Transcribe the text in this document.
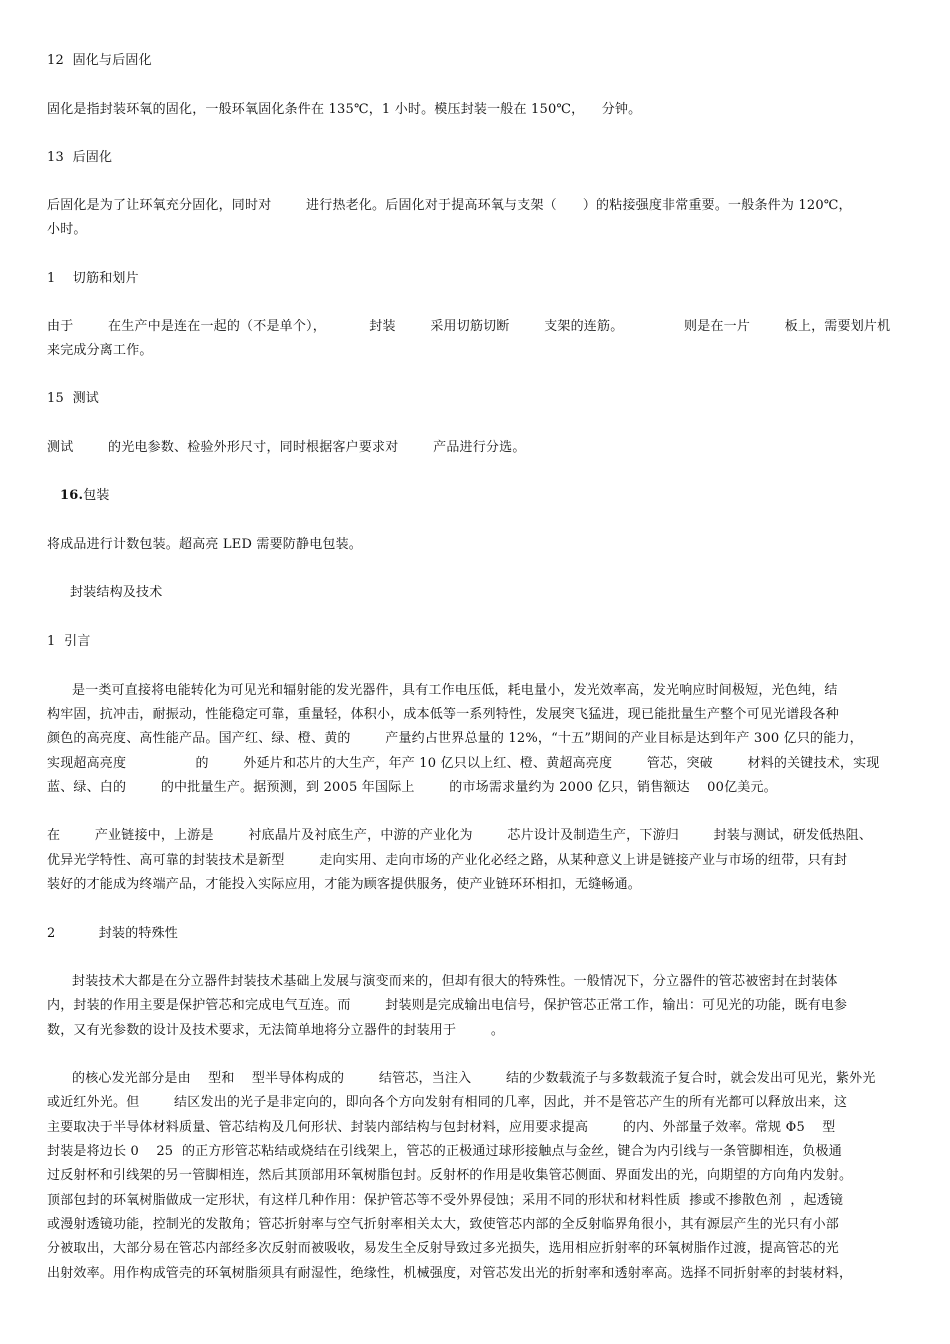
12  固化与后固化

固化是指封装环氧的固化，一般环氧固化条件在 135℃，1 小时。模压封装一般在 150℃，    分钟。

13  后固化

后固化是为了让环氧充分固化，同时对        进行热老化。后固化对于提高环氧与支架（      ）的粘接强度非常重要。一般条件为 120℃，

小时。

1    切筋和划片

由于        在生产中是连在一起的（不是单个），          封装        采用切筋切断        支架的连筋。              则是在一片        板上，需要划片机

来完成分离工作。

15  测试

测试        的光电参数、检验外形尺寸，同时根据客户要求对        产品进行分选。

16.包装

将成品进行计数包装。超高亮 LED 需要防静电包装。

封装结构及技术

1  引言

是一类可直接将电能转化为可见光和辐射能的发光器件，具有工作电压低，耗电量小，发光效率高，发光响应时间极短，光色纯，结

构牢固，抗冲击，耐振动，性能稳定可靠，重量轻，体积小，成本低等一系列特性，发展突飞猛进，现已能批量生产整个可见光谱段各种

颜色的高亮度、高性能产品。国产红、绿、橙、黄的        产量约占世界总量的 12%，“十五”期间的产业目标是达到年产 300 亿只的能力，

实现超高亮度                的        外延片和芯片的大生产，年产 10 亿只以上红、橙、黄超高亮度        管芯，突破        材料的关键技术，实现

蓝、绿、白的        的中批量生产。据预测，到 2005 年国际上        的市场需求量约为 2000 亿只，销售额达    00亿美元。

在        产业链接中，上游是        衬底晶片及衬底生产，中游的产业化为        芯片设计及制造生产，下游归        封装与测试，研发低热阻、

优异光学特性、高可靠的封装技术是新型        走向实用、走向市场的产业化必经之路，从某种意义上讲是链接产业与市场的纽带，只有封

装好的才能成为终端产品，才能投入实际应用，才能为顾客提供服务，使产业链环环相扣，无缝畅通。

2          封装的特殊性

封装技术大都是在分立器件封装技术基础上发展与演变而来的，但却有很大的特殊性。一般情况下，分立器件的管芯被密封在封装体

内，封装的作用主要是保护管芯和完成电气互连。而        封装则是完成输出电信号，保护管芯正常工作，输出：可见光的功能，既有电参

数，又有光参数的设计及技术要求，无法简单地将分立器件的封装用于        。

的核心发光部分是由    型和    型半导体构成的        结管芯，当注入        结的少数载流子与多数载流子复合时，就会发出可见光，紫外光

或近红外光。但        结区发出的光子是非定向的，即向各个方向发射有相同的几率，因此，并不是管芯产生的所有光都可以释放出来，这

主要取决于半导体材料质量、管芯结构及几何形状、封装内部结构与包封材料，应用要求提高        的内、外部量子效率。常规 Φ5    型

封装是将边长 0    25  的正方形管芯粘结或烧结在引线架上，管芯的正极通过球形接触点与金丝，键合为内引线与一条管脚相连，负极通

过反射杯和引线架的另一管脚相连，然后其顶部用环氧树脂包封。反射杯的作用是收集管芯侧面、界面发出的光，向期望的方向角内发射。

顶部包封的环氧树脂做成一定形状，有这样几种作用：保护管芯等不受外界侵蚀；采用不同的形状和材料性质  掺或不掺散色剂  ，起透镜

或漫射透镜功能，控制光的发散角；管芯折射率与空气折射率相关太大，致使管芯内部的全反射临界角很小，其有源层产生的光只有小部

分被取出，大部分易在管芯内部经多次反射而被吸收，易发生全反射导致过多光损失，选用相应折射率的环氧树脂作过渡，提高管芯的光

出射效率。用作构成管壳的环氧树脂须具有耐湿性，绝缘性，机械强度，对管芯发出光的折射率和透射率高。选择不同折射率的封装材料，
